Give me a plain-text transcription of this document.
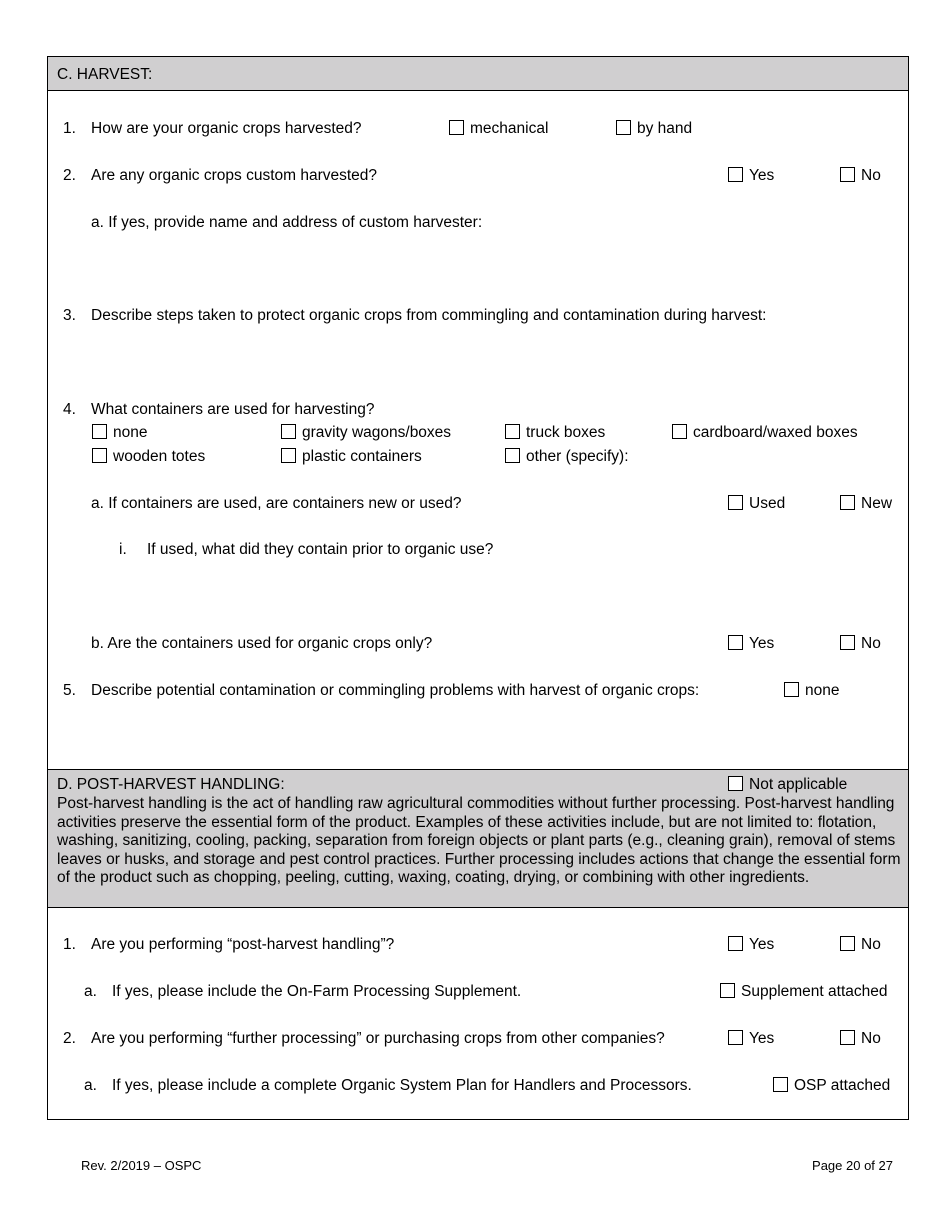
C. HARVEST:
1. How are your organic crops harvested?	mechanical	by hand
2. Are any organic crops custom harvested?	Yes	No
a. If yes, provide name and address of custom harvester:
3. Describe steps taken to protect organic crops from commingling and contamination during harvest:
4. What containers are used for harvesting?
none	gravity wagons/boxes	truck boxes	cardboard/waxed boxes
wooden totes	plastic containers	other (specify):
a. If containers are used, are containers new or used?	Used	New
i. If used, what did they contain prior to organic use?
b. Are the containers used for organic crops only?	Yes	No
5. Describe potential contamination or commingling problems with harvest of organic crops:	none
D. POST-HARVEST HANDLING:	Not applicable
Post-harvest handling is the act of handling raw agricultural commodities without further processing. Post-harvest handling activities preserve the essential form of the product. Examples of these activities include, but are not limited to: flotation, washing, sanitizing, cooling, packing, separation from foreign objects or plant parts (e.g., cleaning grain), removal of stems leaves or husks, and storage and pest control practices. Further processing includes actions that change the essential form of the product such as chopping, peeling, cutting, waxing, coating, drying, or combining with other ingredients.
1. Are you performing “post-harvest handling”?	Yes	No
a. If yes, please include the On-Farm Processing Supplement.	Supplement attached
2. Are you performing “further processing” or purchasing crops from other companies?	Yes	No
a. If yes, please include a complete Organic System Plan for Handlers and Processors.	OSP attached
Rev. 2/2019 – OSPC	Page 20 of 27
